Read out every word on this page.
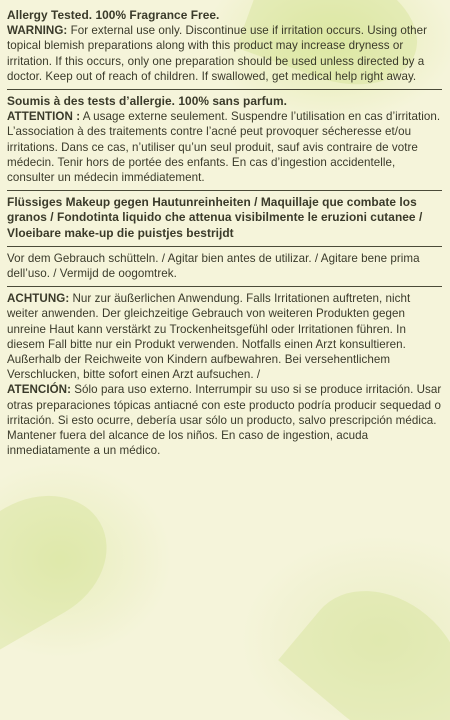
Allergy Tested. 100% Fragrance Free.

WARNING: For external use only. Discontinue use if irritation occurs. Using other topical blemish preparations along with this product may increase dryness or irritation. If this occurs, only one preparation should be used unless directed by a doctor. Keep out of reach of children. If swallowed, get medical help right away.

Soumis à des tests d’allergie. 100% sans parfum.

ATTENTION : A usage externe seulement. Suspendre l’utilisation en cas d’irritation. L’association à des traitements contre l’acné peut provoquer sécheresse et/ou irritations. Dans ce cas, n’utiliser qu’un seul produit, sauf avis contraire de votre médecin. Tenir hors de portée des enfants. En cas d’ingestion accidentelle, consulter un médecin immédiatement.

Flüssiges Makeup gegen Hautunreinheiten / Maquillaje que combate los granos / Fondotinta liquido che attenua visibilmente le eruzioni cutanee / Vloeibare make-up die puistjes bestrijdt

Vor dem Gebrauch schütteln. / Agitar bien antes de utilizar. / Agitare bene prima dell’uso. / Vermijd de oogomtrek.

ACHTUNG: Nur zur äußerlichen Anwendung. Falls Irritationen auftreten, nicht weiter anwenden. Der gleichzeitige Gebrauch von weiteren Produkten gegen unreine Haut kann verstärkt zu Trockenheitsgefühl oder Irritationen führen. In diesem Fall bitte nur ein Produkt verwenden. Notfalls einen Arzt konsultieren. Außerhalb der Reichweite von Kindern aufbewahren. Bei versehentlichem Verschlucken, bitte sofort einen Arzt aufsuchen. /

ATENCIÓN: Sólo para uso externo. Interrumpir su uso si se produce irritación. Usar otras preparaciones tópicas antiacné con este producto podría producir sequedad o irritación. Si esto ocurre, debería usar sólo un producto, salvo prescripción médica. Mantener fuera del alcance de los niños. En caso de ingestion, acuda inmediatamente a un médico.
